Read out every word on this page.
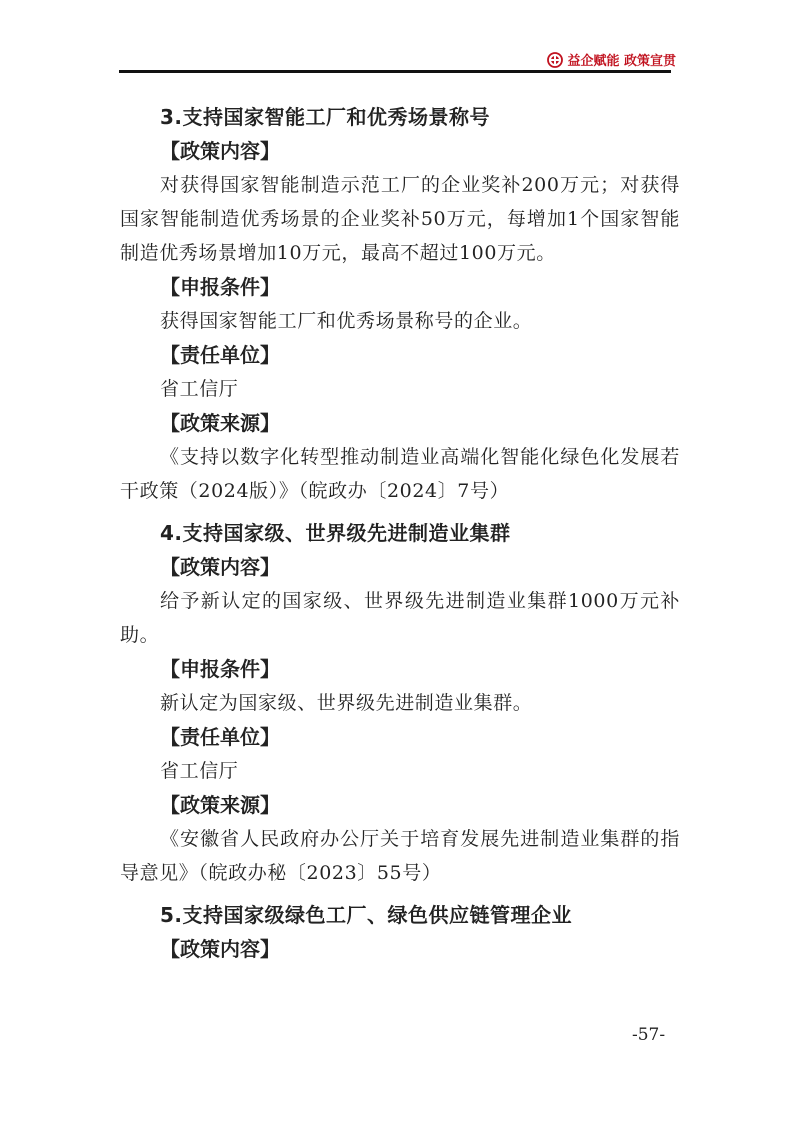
益企赋能 政策宣贯

3.支持国家智能工厂和优秀场景称号

【政策内容】

对获得国家智能制造示范工厂的企业奖补200万元；对获得国家智能制造优秀场景的企业奖补50万元，每增加1个国家智能制造优秀场景增加10万元，最高不超过100万元。

【申报条件】

获得国家智能工厂和优秀场景称号的企业。

【责任单位】

省工信厅

【政策来源】

《支持以数字化转型推动制造业高端化智能化绿色化发展若干政策（2024版）》（皖政办〔2024〕7号）

4.支持国家级、世界级先进制造业集群

【政策内容】

给予新认定的国家级、世界级先进制造业集群1000万元补助。

【申报条件】

新认定为国家级、世界级先进制造业集群。

【责任单位】

省工信厅

【政策来源】

《安徽省人民政府办公厅关于培育发展先进制造业集群的指导意见》（皖政办秘〔2023〕55号）

5.支持国家级绿色工厂、绿色供应链管理企业

【政策内容】

-57-
